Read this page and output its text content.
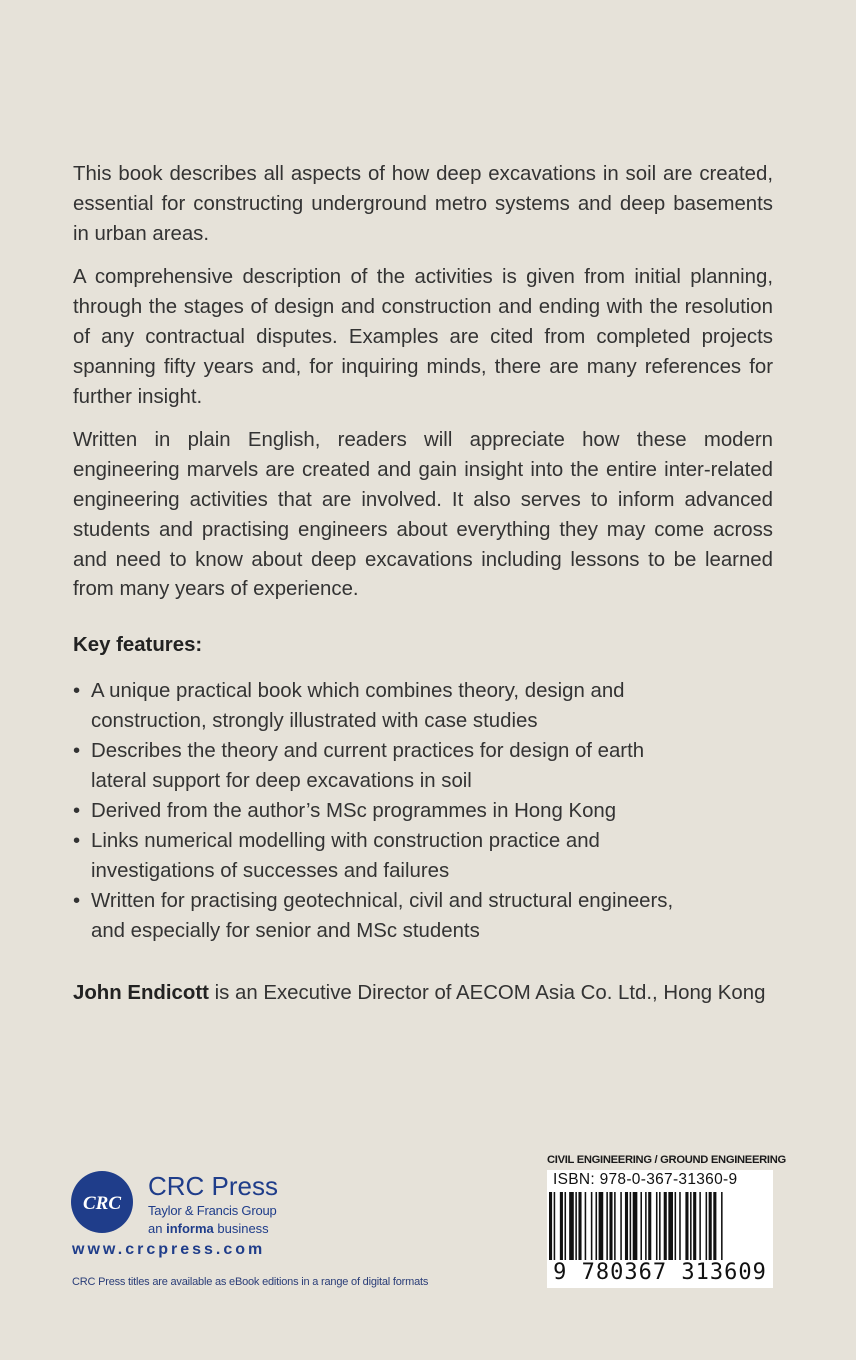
This book describes all aspects of how deep excavations in soil are created, essential for constructing underground metro systems and deep basements in urban areas.

A comprehensive description of the activities is given from initial planning, through the stages of design and construction and ending with the resolution of any contractual disputes. Examples are cited from completed projects spanning fifty years and, for inquiring minds, there are many references for further insight.

Written in plain English, readers will appreciate how these modern engineering marvels are created and gain insight into the entire inter-related engineering activities that are involved. It also serves to inform advanced students and practising engineers about everything they may come across and need to know about deep excavations including lessons to be learned from many years of experience.

Key features:
• A unique practical book which combines theory, design and
construction, strongly illustrated with case studies
• Describes the theory and current practices for design of earth
lateral support for deep excavations in soil
• Derived from the author’s MSc programmes in Hong Kong
• Links numerical modelling with construction practice and
investigations of successes and failures
• Written for practising geotechnical, civil and structural engineers,
and especially for senior and MSc students
John Endicott is an Executive Director of AECOM Asia Co. Ltd., Hong Kong
CRC
CRC Press
Taylor & Francis Group
an informa business
www.crcpress.com
CRC Press titles are available as eBook editions in a range of digital formats
CIVIL ENGINEERING / GROUND ENGINEERING
ISBN: 978-0-367-31360-9
9 780367 313609
